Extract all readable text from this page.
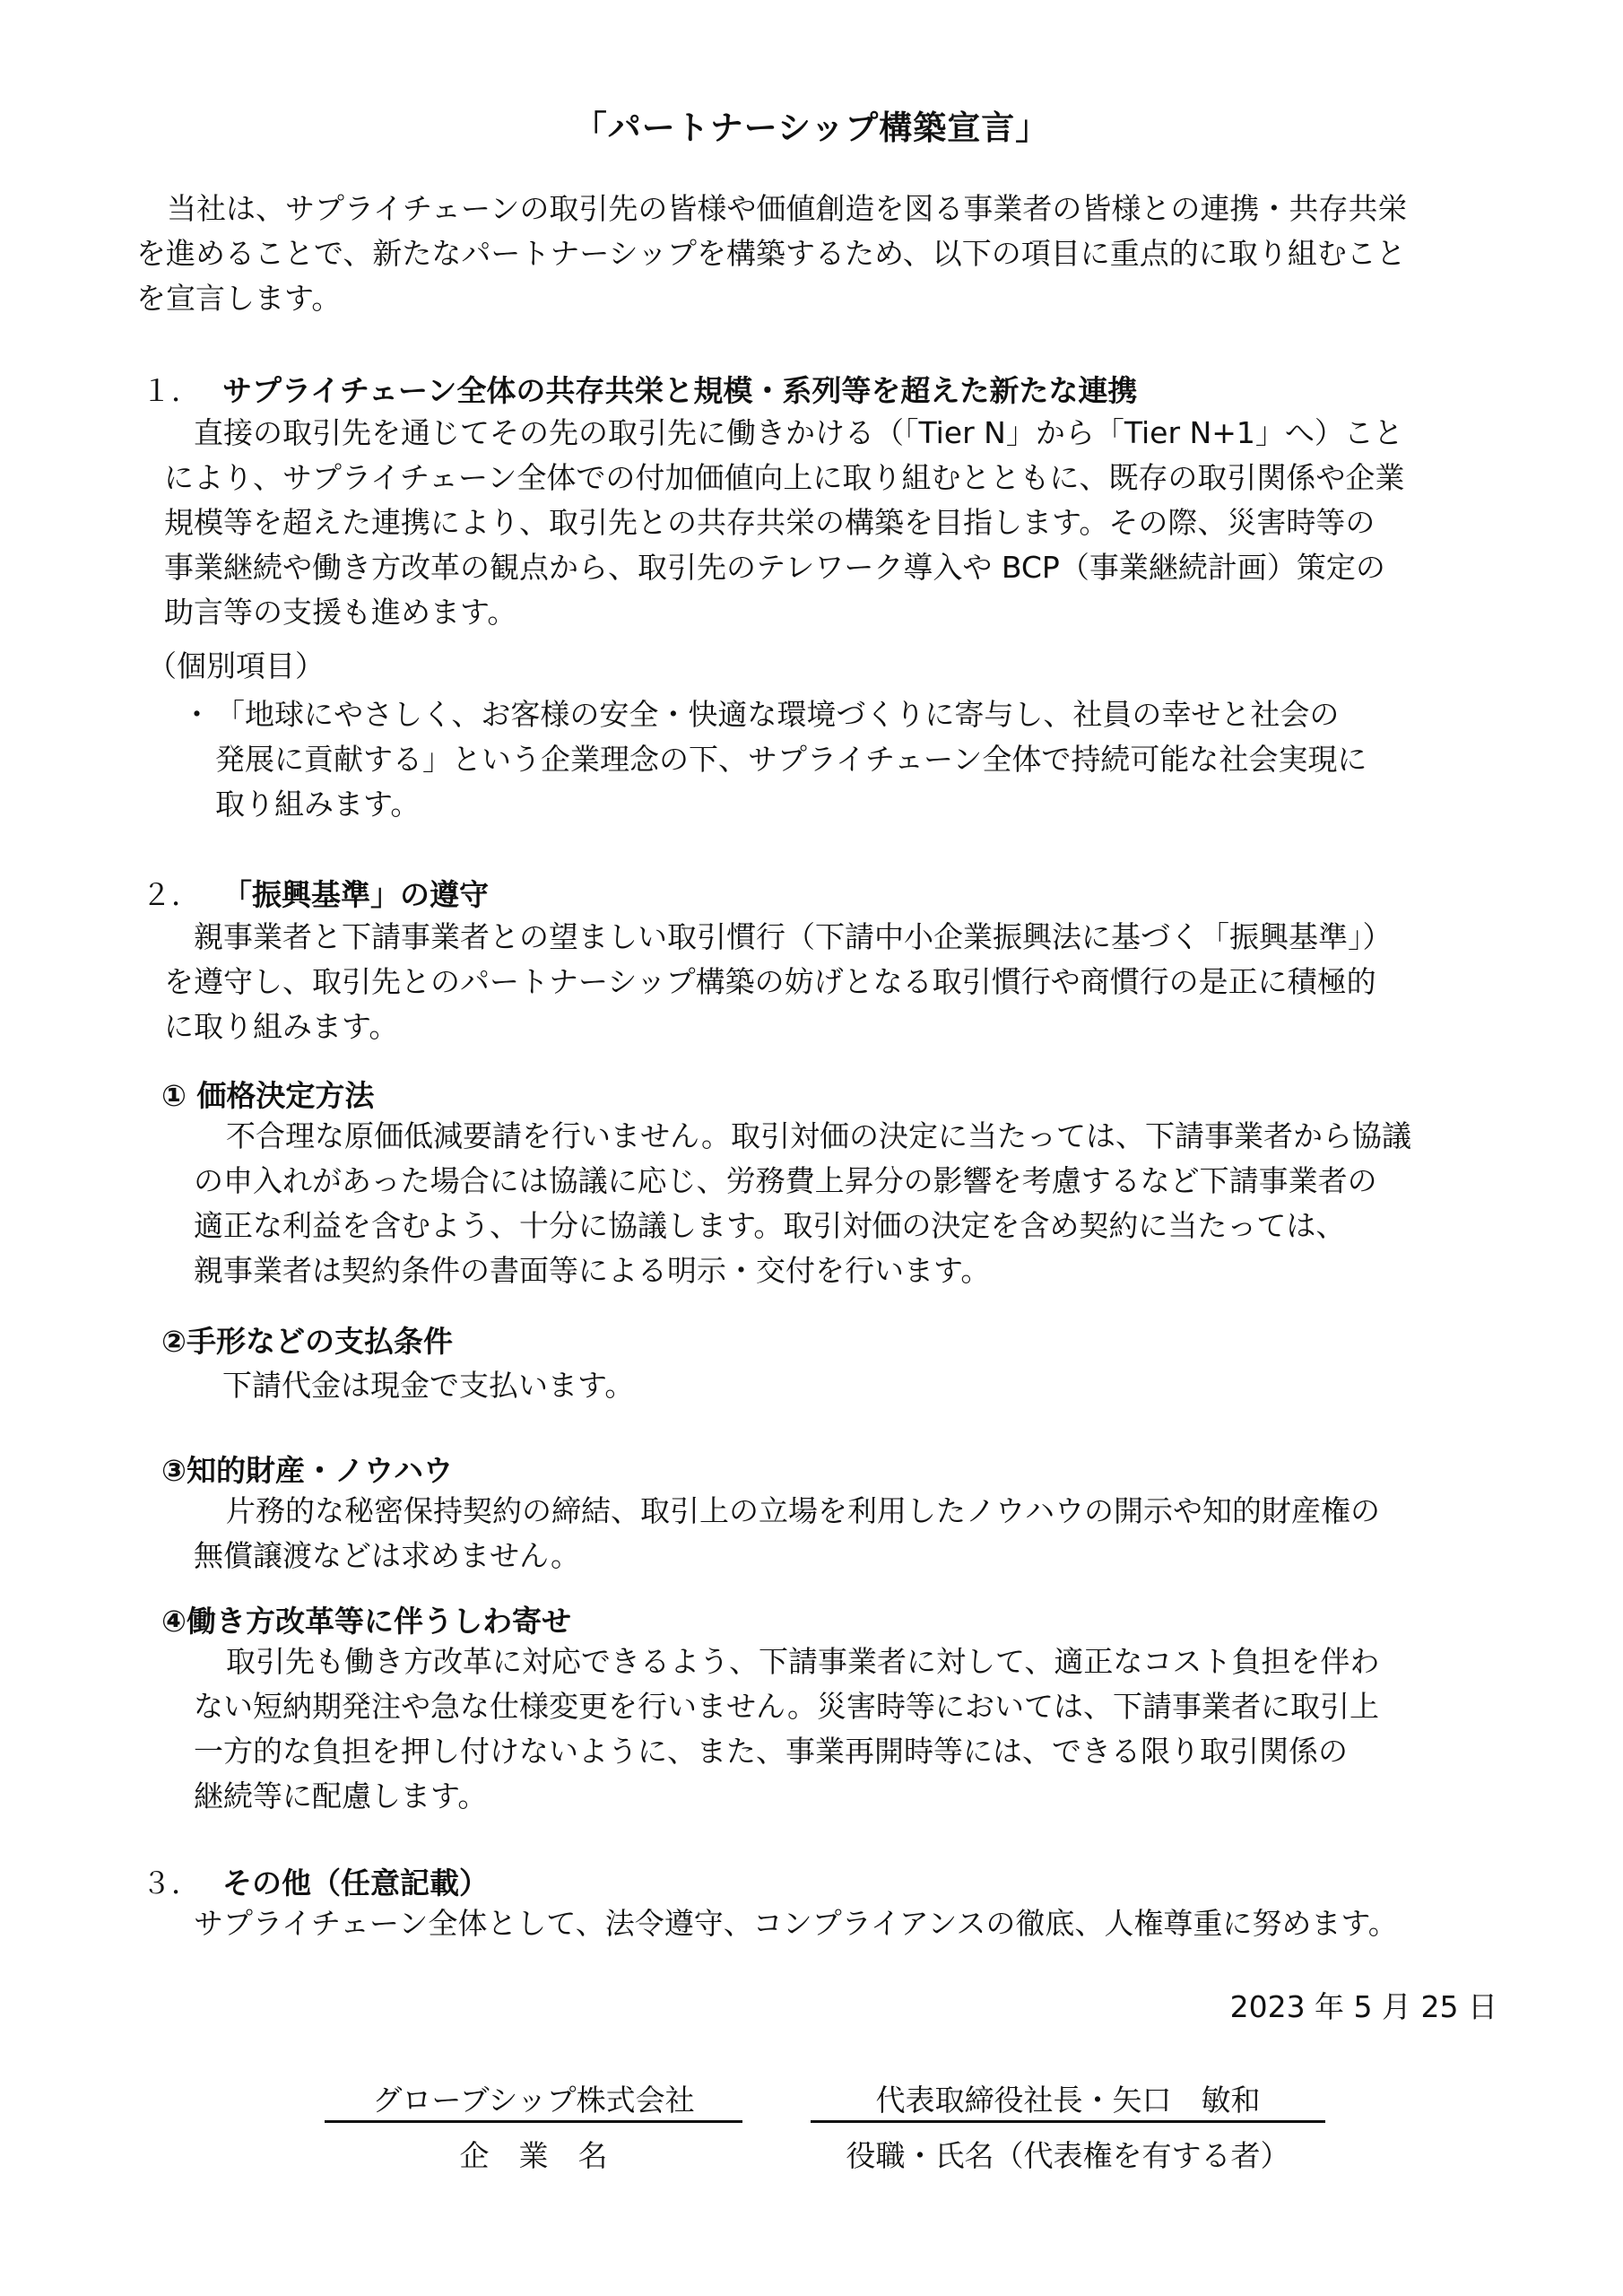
「パートナーシップ構築宣言」
当社は、サプライチェーンの取引先の皆様や価値創造を図る事業者の皆様との連携・共存共栄
を進めることで、新たなパートナーシップを構築するため、以下の項目に重点的に取り組むこと
を宣言します。
１． サプライチェーン全体の共存共栄と規模・系列等を超えた新たな連携
直接の取引先を通じてその先の取引先に働きかける（「Tier N」から「Tier N+1」へ）こと
により、サプライチェーン全体での付加価値向上に取り組むとともに、既存の取引関係や企業
規模等を超えた連携により、取引先との共存共栄の構築を目指します。その際、災害時等の
事業継続や働き方改革の観点から、取引先のテレワーク導入や BCP（事業継続計画）策定の
助言等の支援も進めます。
（個別項目）
・ 「地球にやさしく、お客様の安全・快適な環境づくりに寄与し、社員の幸せと社会の
発展に貢献する」という企業理念の下、サプライチェーン全体で持続可能な社会実現に
取り組みます。
２． 「振興基準」の遵守
親事業者と下請事業者との望ましい取引慣行（下請中小企業振興法に基づく「振興基準」）
を遵守し、取引先とのパートナーシップ構築の妨げとなる取引慣行や商慣行の是正に積極的
に取り組みます。
① 価格決定方法
不合理な原価低減要請を行いません。取引対価の決定に当たっては、下請事業者から協議
の申入れがあった場合には協議に応じ、労務費上昇分の影響を考慮するなど下請事業者の
適正な利益を含むよう、十分に協議します。取引対価の決定を含め契約に当たっては、
親事業者は契約条件の書面等による明示・交付を行います。
②手形などの支払条件
下請代金は現金で支払います。
③知的財産・ノウハウ
片務的な秘密保持契約の締結、取引上の立場を利用したノウハウの開示や知的財産権の
無償譲渡などは求めません。
④働き方改革等に伴うしわ寄せ
取引先も働き方改革に対応できるよう、下請事業者に対して、適正なコスト負担を伴わ
ない短納期発注や急な仕様変更を行いません。災害時等においては、下請事業者に取引上
一方的な負担を押し付けないように、また、事業再開時等には、できる限り取引関係の
継続等に配慮します。
３． その他（任意記載）
サプライチェーン全体として、法令遵守、コンプライアンスの徹底、人権尊重に努めます。
2023 年 5 月 25 日
グローブシップ株式会社
企　業　名
代表取締役社長・矢口　敏和
役職・氏名（代表権を有する者）
